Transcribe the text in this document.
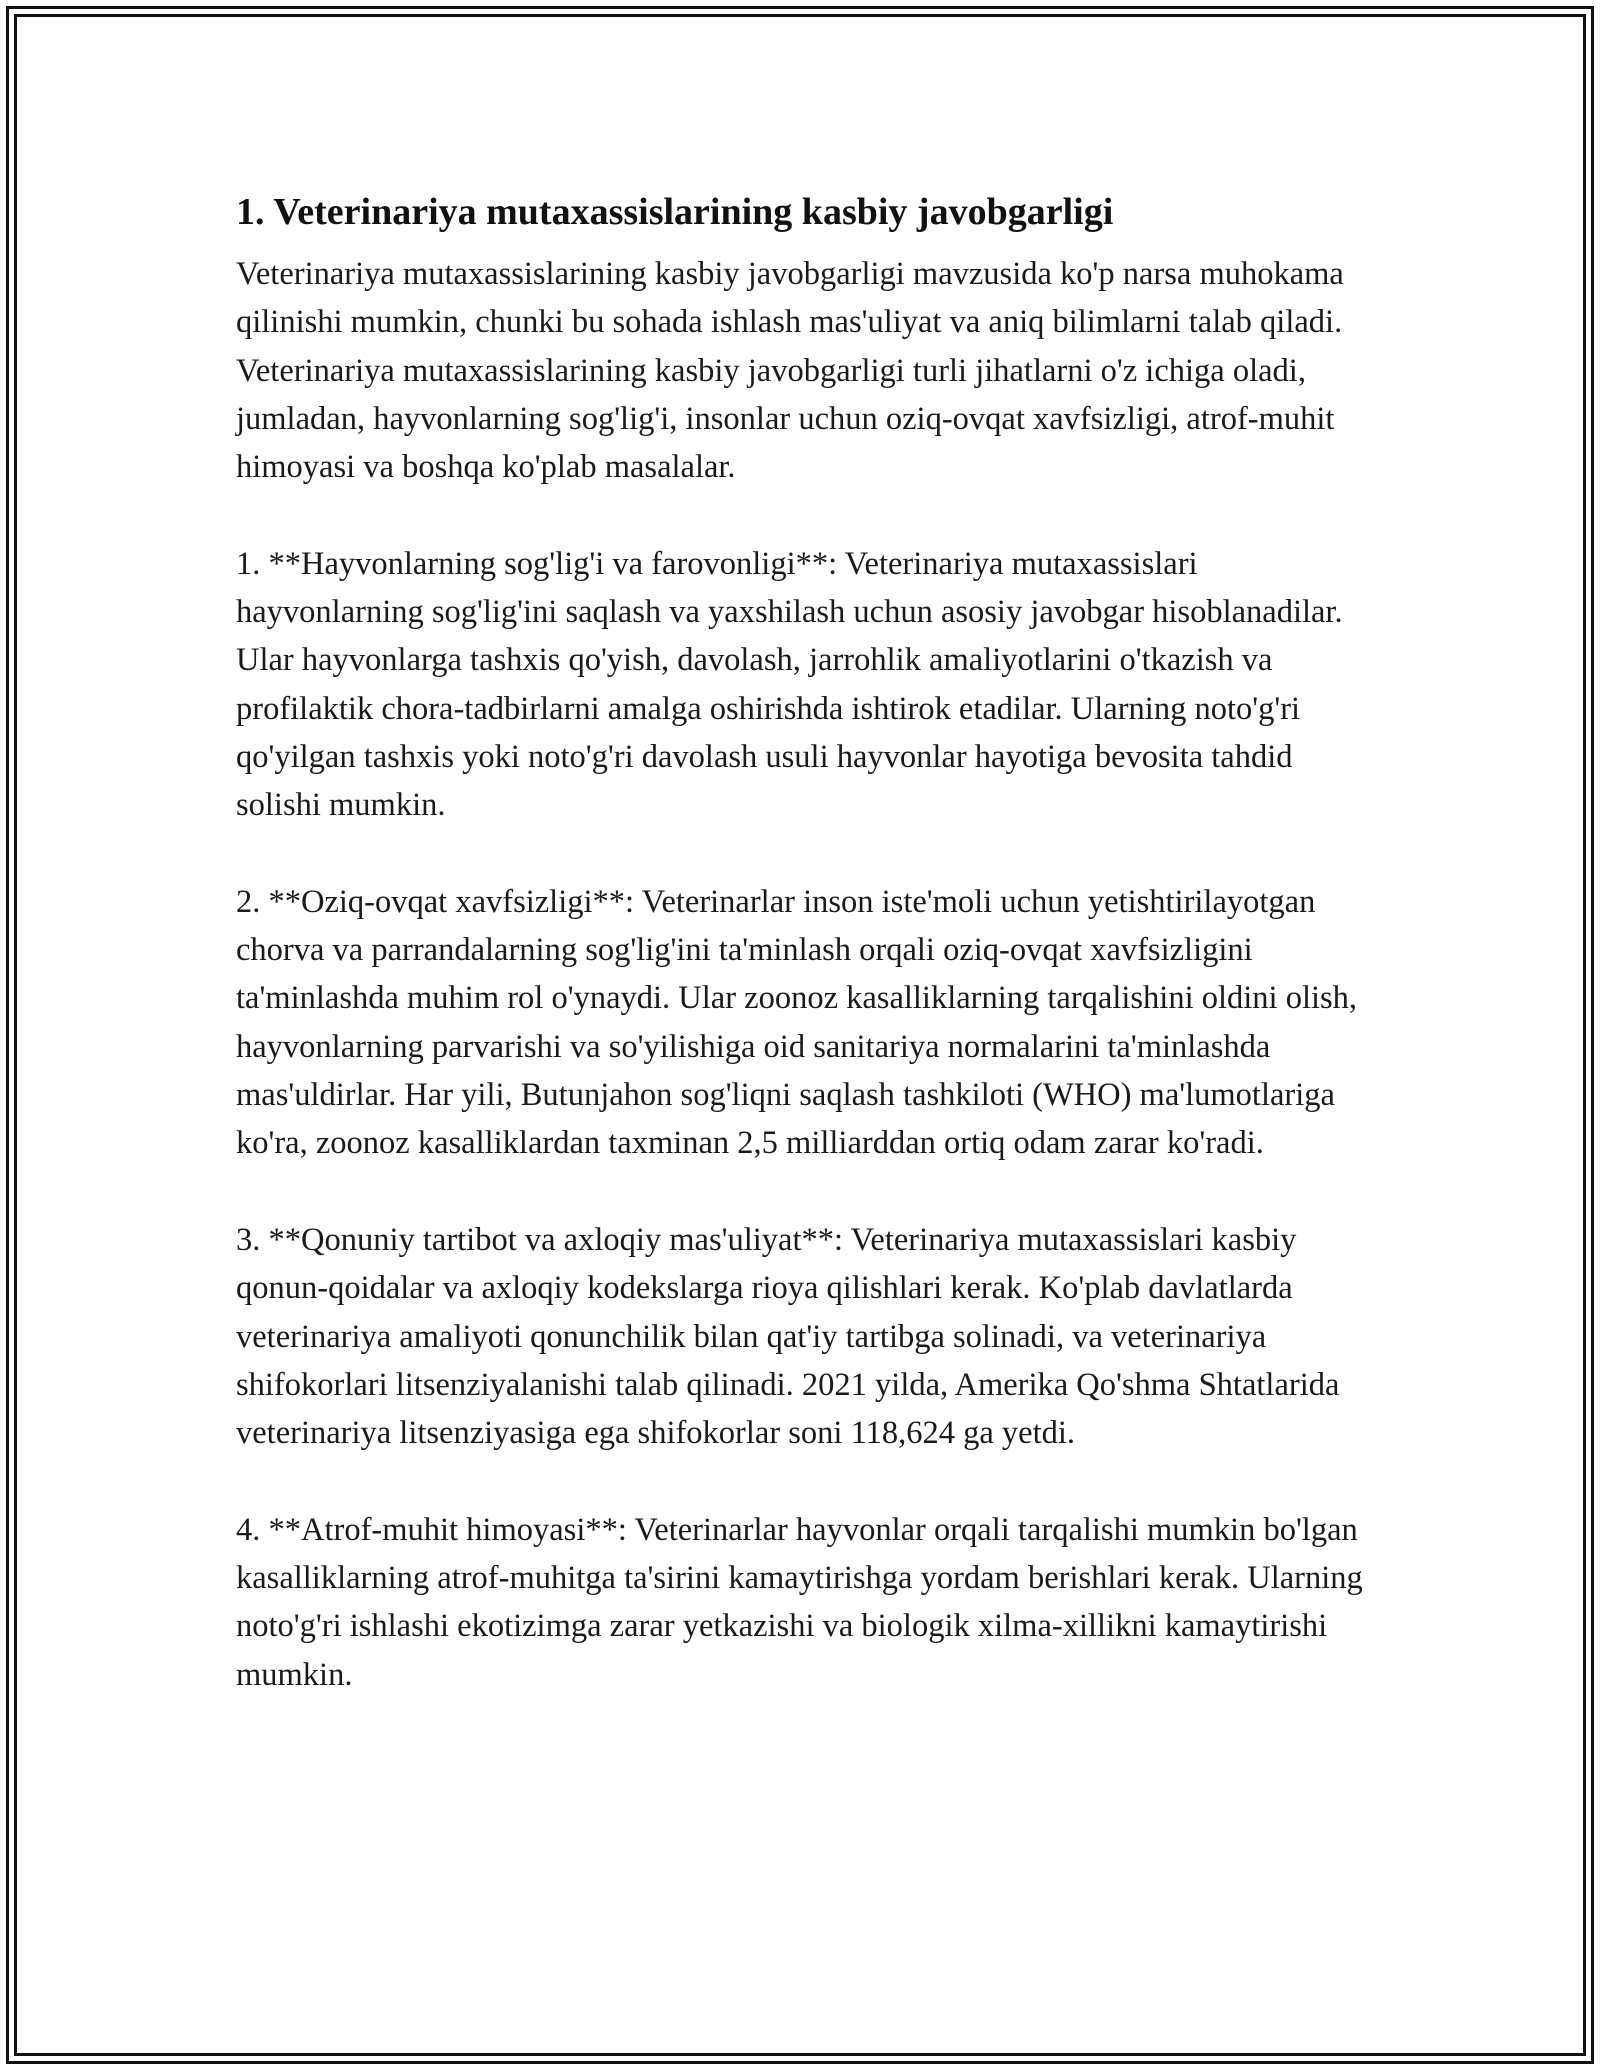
1. Veterinariya mutaxassislarining kasbiy javobgarligi

Veterinariya mutaxassislarining kasbiy javobgarligi mavzusida ko'p narsa muhokama qilinishi mumkin, chunki bu sohada ishlash mas'uliyat va aniq bilimlarni talab qiladi. Veterinariya mutaxassislarining kasbiy javobgarligi turli jihatlarni o'z ichiga oladi, jumladan, hayvonlarning sog'lig'i, insonlar uchun oziq-ovqat xavfsizligi, atrof-muhit himoyasi va boshqa ko'plab masalalar.

1. **Hayvonlarning sog'lig'i va farovonligi**: Veterinariya mutaxassislari hayvonlarning sog'lig'ini saqlash va yaxshilash uchun asosiy javobgar hisoblanadilar. Ular hayvonlarga tashxis qo'yish, davolash, jarrohlik amaliyotlarini o'tkazish va profilaktik chora-tadbirlarni amalga oshirishda ishtirok etadilar. Ularning noto'g'ri qo'yilgan tashxis yoki noto'g'ri davolash usuli hayvonlar hayotiga bevosita tahdid solishi mumkin.

2. **Oziq-ovqat xavfsizligi**: Veterinarlar inson iste'moli uchun yetishtirilayotgan chorva va parrandalarning sog'lig'ini ta'minlash orqali oziq-ovqat xavfsizligini ta'minlashda muhim rol o'ynaydi. Ular zoonoz kasalliklarning tarqalishini oldini olish, hayvonlarning parvarishi va so'yilishiga oid sanitariya normalarini ta'minlashda mas'uldirlar. Har yili, Butunjahon sog'liqni saqlash tashkiloti (WHO) ma'lumotlariga ko'ra, zoonoz kasalliklardan taxminan 2,5 milliarddan ortiq odam zarar ko'radi.

3. **Qonuniy tartibot va axloqiy mas'uliyat**: Veterinariya mutaxassislari kasbiy qonun-qoidalar va axloqiy kodekslarga rioya qilishlari kerak. Ko'plab davlatlarda veterinariya amaliyoti qonunchilik bilan qat'iy tartibga solinadi, va veterinariya shifokorlari litsenziyalanishi talab qilinadi. 2021 yilda, Amerika Qo'shma Shtatlarida veterinariya litsenziyasiga ega shifokorlar soni 118,624 ga yetdi.

4. **Atrof-muhit himoyasi**: Veterinarlar hayvonlar orqali tarqalishi mumkin bo'lgan kasalliklarning atrof-muhitga ta'sirini kamaytirishga yordam berishlari kerak. Ularning noto'g'ri ishlashi ekotizimga zarar yetkazishi va biologik xilma-xillikni kamaytirishi mumkin.
